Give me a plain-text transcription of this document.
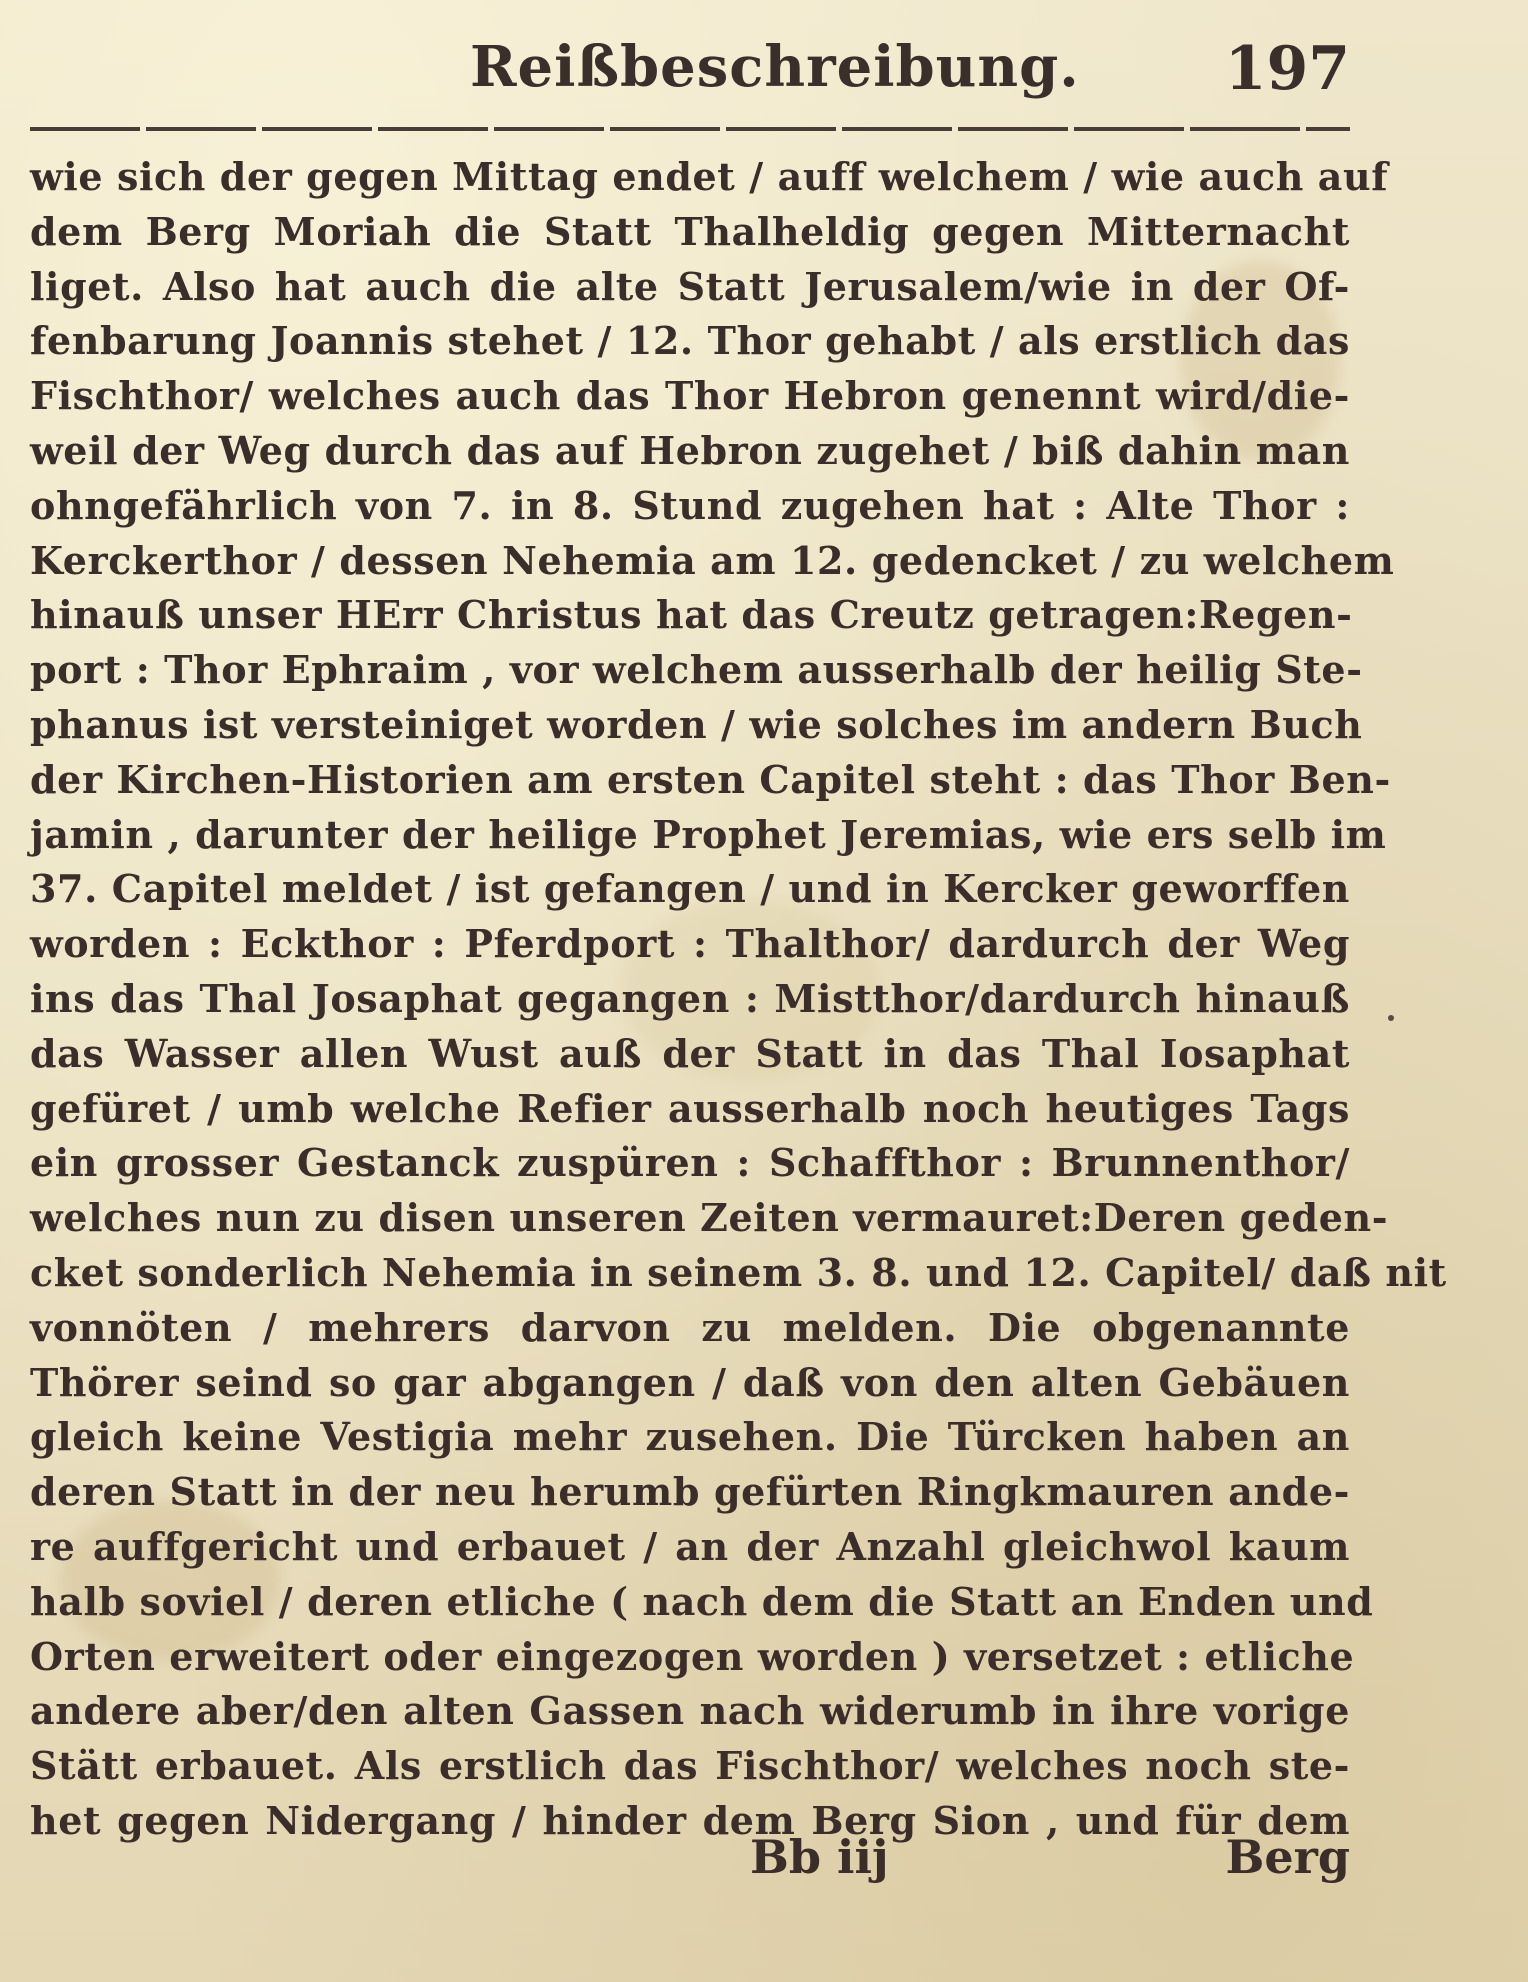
Reißbeschreibung. 197
wie sich der gegen Mittag endet / auff welchem / wie auch auf
dem Berg Moriah die Statt Thalheldig gegen Mitternacht
liget. Also hat auch die alte Statt Jerusalem/wie in der Of-
fenbarung Joannis stehet / 12. Thor gehabt / als erstlich das
Fischthor/ welches auch das Thor Hebron genennt wird/die-
weil der Weg durch das auf Hebron zugehet / biß dahin man
ohngefährlich von 7. in 8. Stund zugehen hat : Alte Thor :
Kerckerthor / dessen Nehemia am 12. gedencket / zu welchem
hinauß unser HErr Christus hat das Creutz getragen:Regen-
port : Thor Ephraim , vor welchem ausserhalb der heilig Ste-
phanus ist versteiniget worden / wie solches im andern Buch
der Kirchen-Historien am ersten Capitel steht : das Thor Ben-
jamin , darunter der heilige Prophet Jeremias, wie ers selb im
37. Capitel meldet / ist gefangen / und in Kercker geworffen
worden : Eckthor : Pferdport : Thalthor/ dardurch der Weg
ins das Thal Josaphat gegangen : Mistthor/dardurch hinauß
das Wasser allen Wust auß der Statt in das Thal Iosaphat
gefüret / umb welche Refier ausserhalb noch heutiges Tags
ein grosser Gestanck zuspüren : Schaffthor : Brunnenthor/
welches nun zu disen unseren Zeiten vermauret:Deren geden-
cket sonderlich Nehemia in seinem 3. 8. und 12. Capitel/ daß nit
vonnöten / mehrers darvon zu melden. Die obgenannte
Thörer seind so gar abgangen / daß von den alten Gebäuen
gleich keine Vestigia mehr zusehen. Die Türcken haben an
deren Statt in der neu herumb gefürten Ringkmauren ande-
re auffgericht und erbauet / an der Anzahl gleichwol kaum
halb soviel / deren etliche ( nach dem die Statt an Enden und
Orten erweitert oder eingezogen worden ) versetzet : etliche
andere aber/den alten Gassen nach widerumb in ihre vorige
Stätt erbauet. Als erstlich das Fischthor/ welches noch ste-
het gegen Nidergang / hinder dem Berg Sion , und für dem
Bb iij	Berg
